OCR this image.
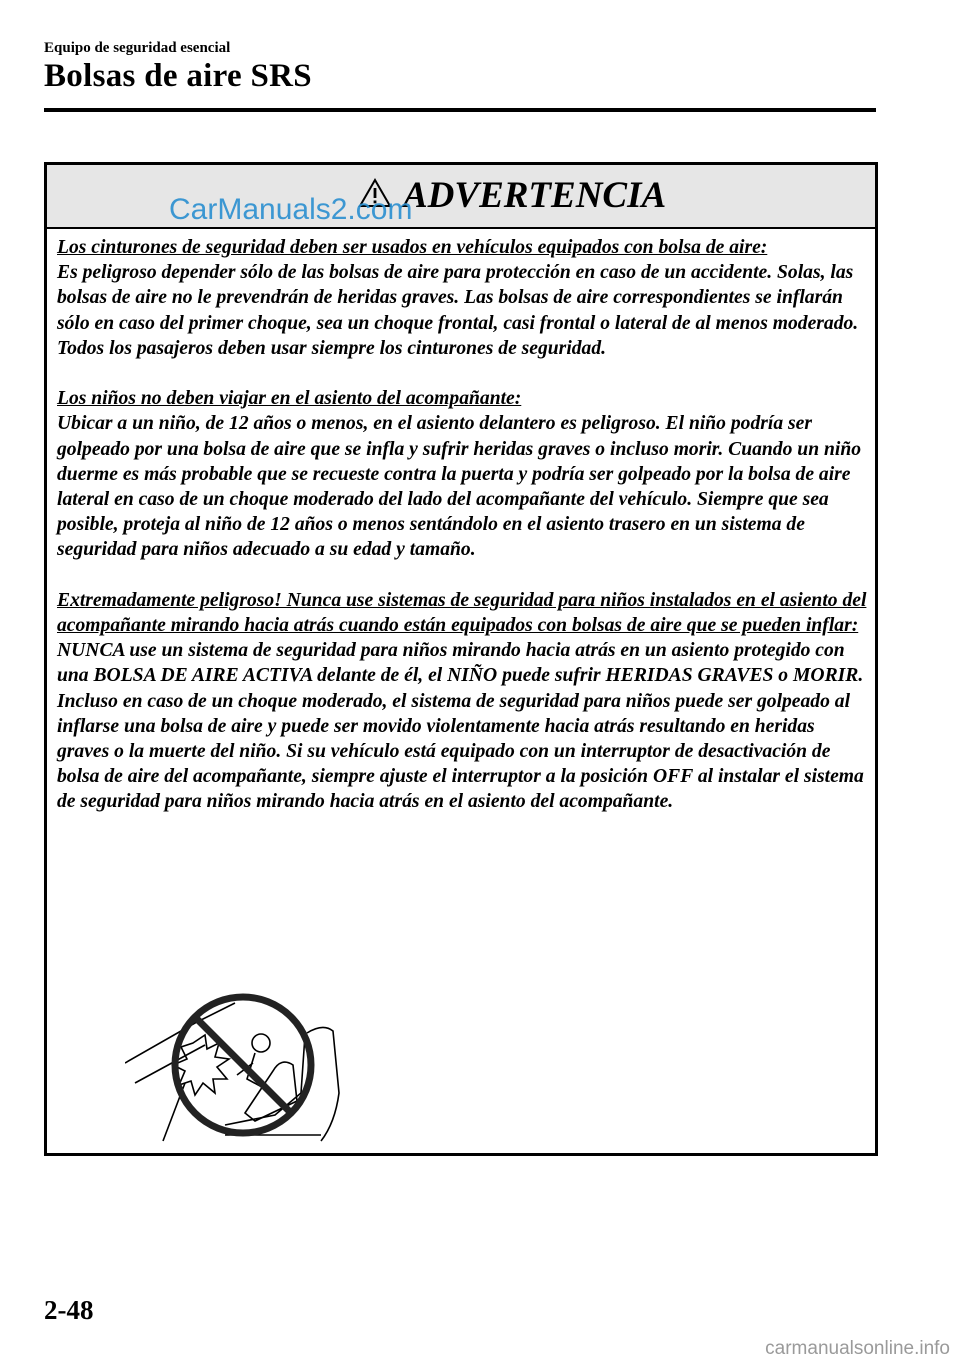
Equipo de seguridad esencial
Bolsas de aire SRS
ADVERTENCIA
CarManuals2.com

Los cinturones de seguridad deben ser usados en vehículos equipados con bolsa de aire:
Es peligroso depender sólo de las bolsas de aire para protección en caso de un accidente. Solas, las bolsas de aire no le prevendrán de heridas graves. Las bolsas de aire correspondientes se inflarán sólo en caso del primer choque, sea un choque frontal, casi frontal o lateral de al menos moderado. Todos los pasajeros deben usar siempre los cinturones de seguridad.

Los niños no deben viajar en el asiento del acompañante:
Ubicar a un niño, de 12 años o menos, en el asiento delantero es peligroso. El niño podría ser golpeado por una bolsa de aire que se infla y sufrir heridas graves o incluso morir. Cuando un niño duerme es más probable que se recueste contra la puerta y podría ser golpeado por la bolsa de aire lateral en caso de un choque moderado del lado del acompañante del vehículo. Siempre que sea posible, proteja al niño de 12 años o menos sentándolo en el asiento trasero en un sistema de seguridad para niños adecuado a su edad y tamaño.

Extremadamente peligroso! Nunca use sistemas de seguridad para niños instalados en el asiento del acompañante mirando hacia atrás cuando están equipados con bolsas de aire que se pueden inflar:
NUNCA use un sistema de seguridad para niños mirando hacia atrás en un asiento protegido con una BOLSA DE AIRE ACTIVA delante de él, el NIÑO puede sufrir HERIDAS GRAVES o MORIR.
Incluso en caso de un choque moderado, el sistema de seguridad para niños puede ser golpeado al inflarse una bolsa de aire y puede ser movido violentamente hacia atrás resultando en heridas graves o la muerte del niño. Si su vehículo está equipado con un interruptor de desactivación de bolsa de aire del acompañante, siempre ajuste el interruptor a la posición OFF al instalar el sistema de seguridad para niños mirando hacia atrás en el asiento del acompañante.

2-48
carmanualsonline.info
